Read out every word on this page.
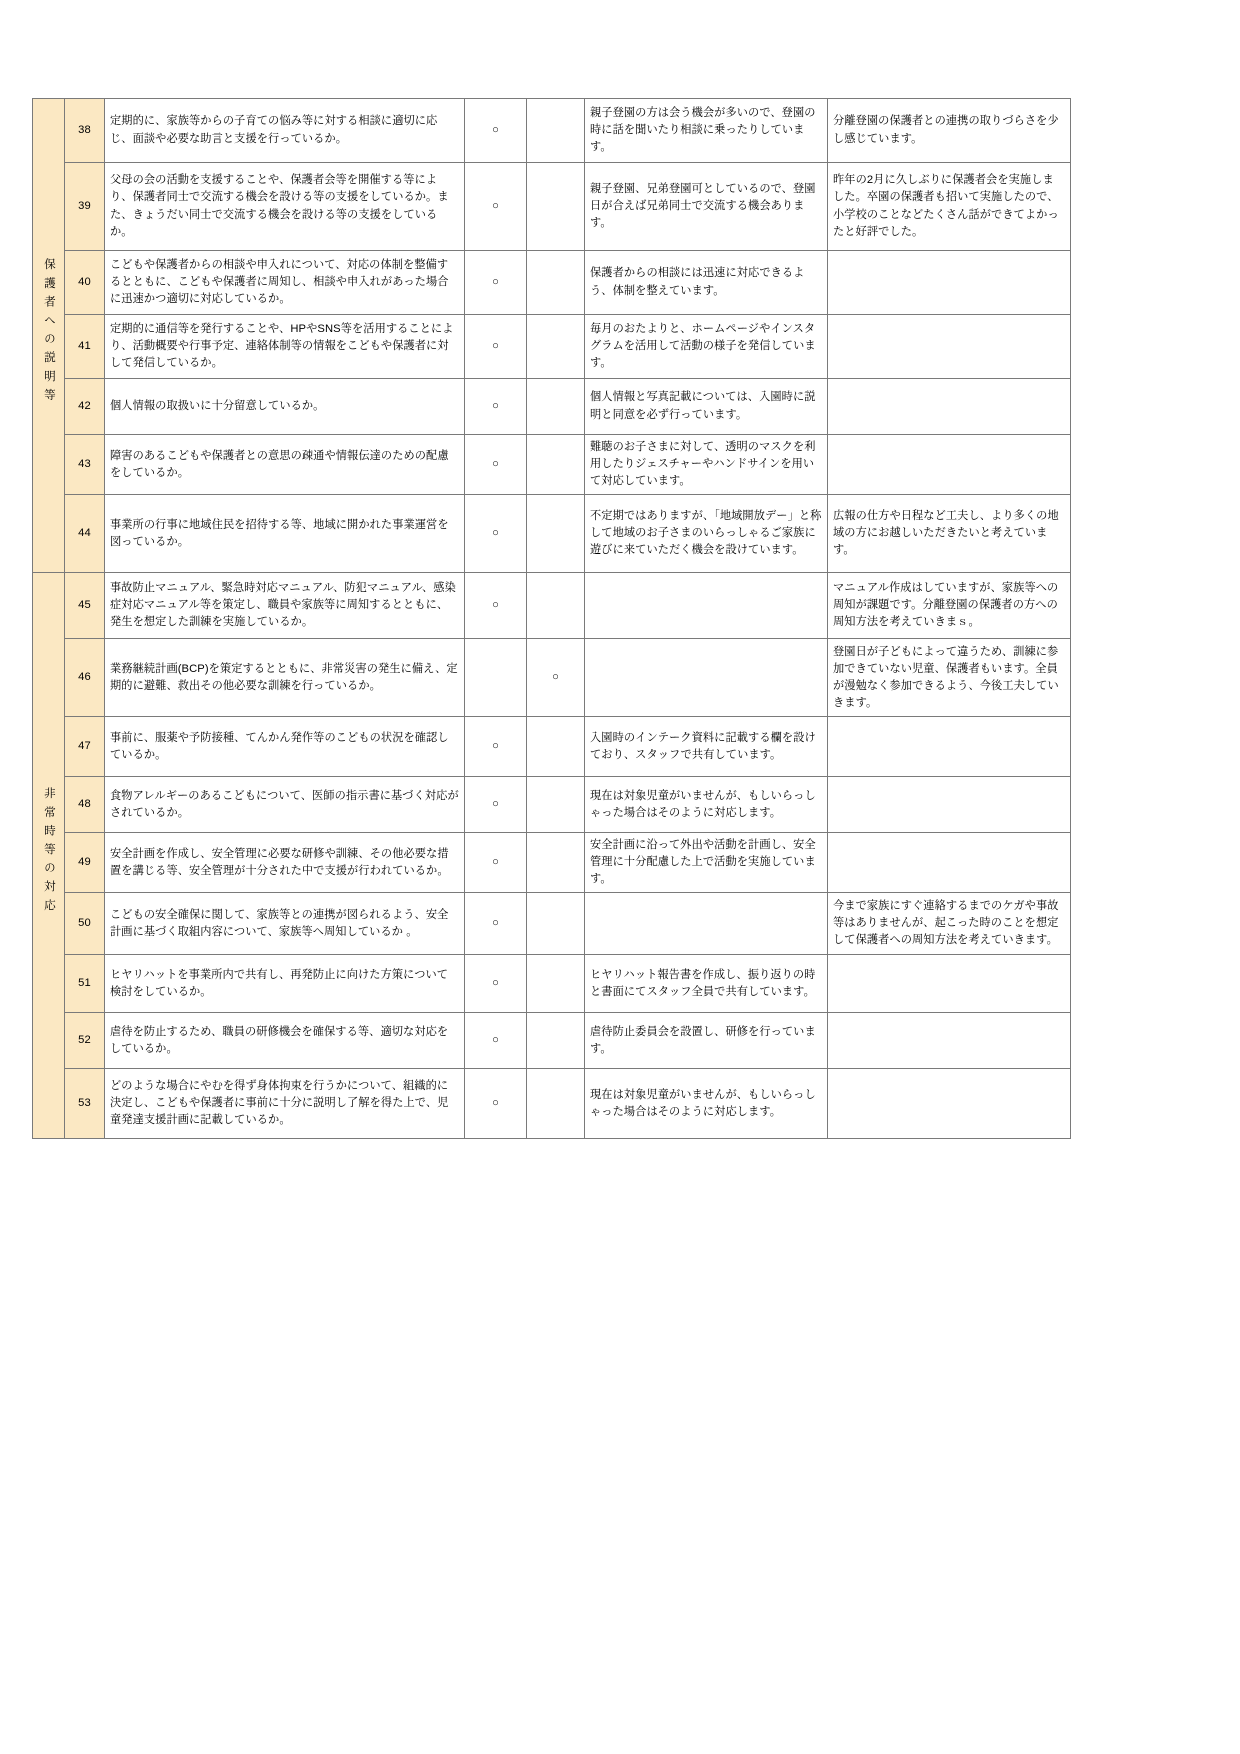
保護者への説明等	38	定期的に、家族等からの子育ての悩み等に対する相談に適切に応じ、面談や必要な助言と支援を行っているか。	○		親子登園の方は会う機会が多いので、登園の時に話を聞いたり相談に乗ったりしています。	分離登園の保護者との連携の取りづらさを少し感じています。
	39	父母の会の活動を支援することや、保護者会等を開催する等により、保護者同士で交流する機会を設ける等の支援をしているか。また、きょうだい同士で交流する機会を設ける等の支援をしているか。	○		親子登園、兄弟登園可としているので、登園日が合えば兄弟同士で交流する機会あります。	昨年の2月に久しぶりに保護者会を実施しました。卒園の保護者も招いて実施したので、小学校のことなどたくさん話ができてよかったと好評でした。
	40	こどもや保護者からの相談や申入れについて、対応の体制を整備するとともに、こどもや保護者に周知し、相談や申入れがあった場合に迅速かつ適切に対応しているか。	○		保護者からの相談には迅速に対応できるよう、体制を整えています。	
	41	定期的に通信等を発行することや、HPやSNS等を活用することにより、活動概要や行事予定、連絡体制等の情報をこどもや保護者に対して発信しているか。	○		毎月のおたよりと、ホームページやインスタグラムを活用して活動の様子を発信しています。	
	42	個人情報の取扱いに十分留意しているか。	○		個人情報と写真記載については、入園時に説明と同意を必ず行っています。	
	43	障害のあるこどもや保護者との意思の疎通や情報伝達のための配慮をしているか。	○		難聴のお子さまに対して、透明のマスクを利用したりジェスチャーやハンドサインを用いて対応しています。	
	44	事業所の行事に地域住民を招待する等、地域に開かれた事業運営を図っているか。	○		不定期ではありますが、「地域開放デー」と称して地域のお子さまのいらっしゃるご家族に遊びに来ていただく機会を設けています。	広報の仕方や日程など工夫し、より多くの地域の方にお越しいただきたいと考えています。
非常時等の対応	45	事故防止マニュアル、緊急時対応マニュアル、防犯マニュアル、感染症対応マニュアル等を策定し、職員や家族等に周知するとともに、発生を想定した訓練を実施しているか。	○			マニュアル作成はしていますが、家族等への周知が課題です。分離登園の保護者の方への周知方法を考えていきまｓ。
	46	業務継続計画(BCP)を策定するとともに、非常災害の発生に備え、定期的に避難、救出その他必要な訓練を行っているか。		○		登園日が子どもによって違うため、訓練に参加できていない児童、保護者もいます。全員が漫勉なく参加できるよう、今後工夫していきます。
	47	事前に、服薬や予防接種、てんかん発作等のこどもの状況を確認しているか。	○		入園時のインテーク資料に記載する欄を設けており、スタッフで共有しています。	
	48	食物アレルギーのあるこどもについて、医師の指示書に基づく対応がされているか。	○		現在は対象児童がいませんが、もしいらっしゃった場合はそのように対応します。	
	49	安全計画を作成し、安全管理に必要な研修や訓練、その他必要な措置を講じる等、安全管理が十分された中で支援が行われているか。	○		安全計画に沿って外出や活動を計画し、安全管理に十分配慮した上で活動を実施しています。	
	50	こどもの安全確保に関して、家族等との連携が図られるよう、安全計画に基づく取組内容について、家族等へ周知しているか 。	○			今まで家族にすぐ連絡するまでのケガや事故等はありませんが、起こった時のことを想定して保護者への周知方法を考えていきます。
	51	ヒヤリハットを事業所内で共有し、再発防止に向けた方策について検討をしているか。	○		ヒヤリハット報告書を作成し、振り返りの時と書面にてスタッフ全員で共有しています。	
	52	虐待を防止するため、職員の研修機会を確保する等、適切な対応をしているか。	○		虐待防止委員会を設置し、研修を行っています。	
	53	どのような場合にやむを得ず身体拘束を行うかについて、組織的に決定し、こどもや保護者に事前に十分に説明し了解を得た上で、児童発達支援計画に記載しているか。	○		現在は対象児童がいませんが、もしいらっしゃった場合はそのように対応します。	
